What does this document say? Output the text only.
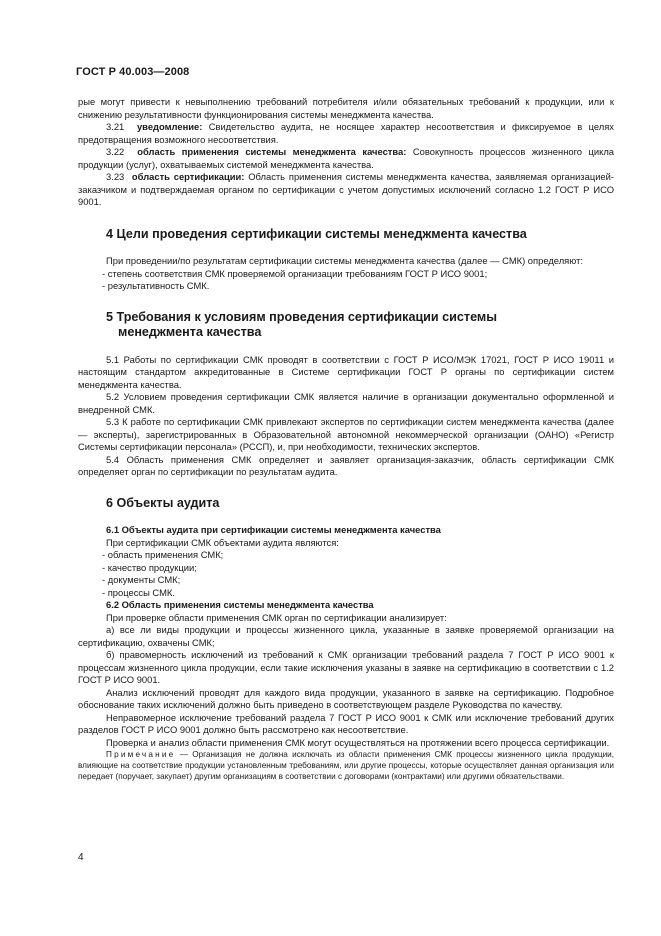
ГОСТ Р 40.003—2008

рые могут привести к невыполнению требований потребителя и/или обязательных требований к продукции, или к снижению результативности функционирования системы менеджмента качества.

3.21 уведомление: Свидетельство аудита, не носящее характер несоответствия и фиксируемое в целях предотвращения возможного несоответствия.

3.22 область применения системы менеджмента качества: Совокупность процессов жизненного цикла продукции (услуг), охватываемых системой менеджмента качества.

3.23 область сертификации: Область применения системы менеджмента качества, заявляемая организацией-заказчиком и подтверждаемая органом по сертификации с учетом допустимых исключений согласно 1.2 ГОСТ Р ИСО 9001.

4 Цели проведения сертификации системы менеджмента качества

При проведении/по результатам сертификации системы менеджмента качества (далее — СМК) определяют:

- степень соответствия СМК проверяемой организации требованиям ГОСТ Р ИСО 9001;

- результативность СМК.

5 Требования к условиям проведения сертификации системы
менеджмента качества

5.1 Работы по сертификации СМК проводят в соответствии с ГОСТ Р ИСО/МЭК 17021, ГОСТ Р ИСО 19011 и настоящим стандартом аккредитованные в Системе сертификации ГОСТ Р органы по сертификации систем менеджмента качества.

5.2 Условием проведения сертификации СМК является наличие в организации документально оформленной и внедренной СМК.

5.3 К работе по сертификации СМК привлекают экспертов по сертификации систем менеджмента качества (далее — эксперты), зарегистрированных в Образовательной автономной некоммерческой организации (ОАНО) «Регистр Системы сертификации персонала» (РССП), и, при необходимости, технических экспертов.

5.4 Область применения СМК определяет и заявляет организация-заказчик, область сертификации СМК определяет орган по сертификации по результатам аудита.

6 Объекты аудита

6.1 Объекты аудита при сертификации системы менеджмента качества

При сертификации СМК объектами аудита являются:

- область применения СМК;

- качество продукции;

- документы СМК;

- процессы СМК.

6.2 Область применения системы менеджмента качества

При проверке области применения СМК орган по сертификации анализирует:

а) все ли виды продукции и процессы жизненного цикла, указанные в заявке проверяемой организации на сертификацию, охвачены СМК;

б) правомерность исключений из требований к СМК организации требований раздела 7 ГОСТ Р ИСО 9001 к процессам жизненного цикла продукции, если такие исключения указаны в заявке на сертификацию в соответствии с 1.2 ГОСТ Р ИСО 9001.

Анализ исключений проводят для каждого вида продукции, указанного в заявке на сертификацию. Подробное обоснование таких исключений должно быть приведено в соответствующем разделе Руководства по качеству.

Неправомерное исключение требований раздела 7 ГОСТ Р ИСО 9001 к СМК или исключение требований других разделов ГОСТ Р ИСО 9001 должно быть рассмотрено как несоответствие.

Проверка и анализ области применения СМК могут осуществляться на протяжении всего процесса сертификации.

Примечание — Организация не должна исключать из области применения СМК процессы жизненного цикла продукции, влияющие на соответствие продукции установленным требованиям, или другие процессы, которые осуществляет данная организация или передает (поручает, закупает) другим организациям в соответствии с договорами (контрактами) или другими обязательствами.

4
